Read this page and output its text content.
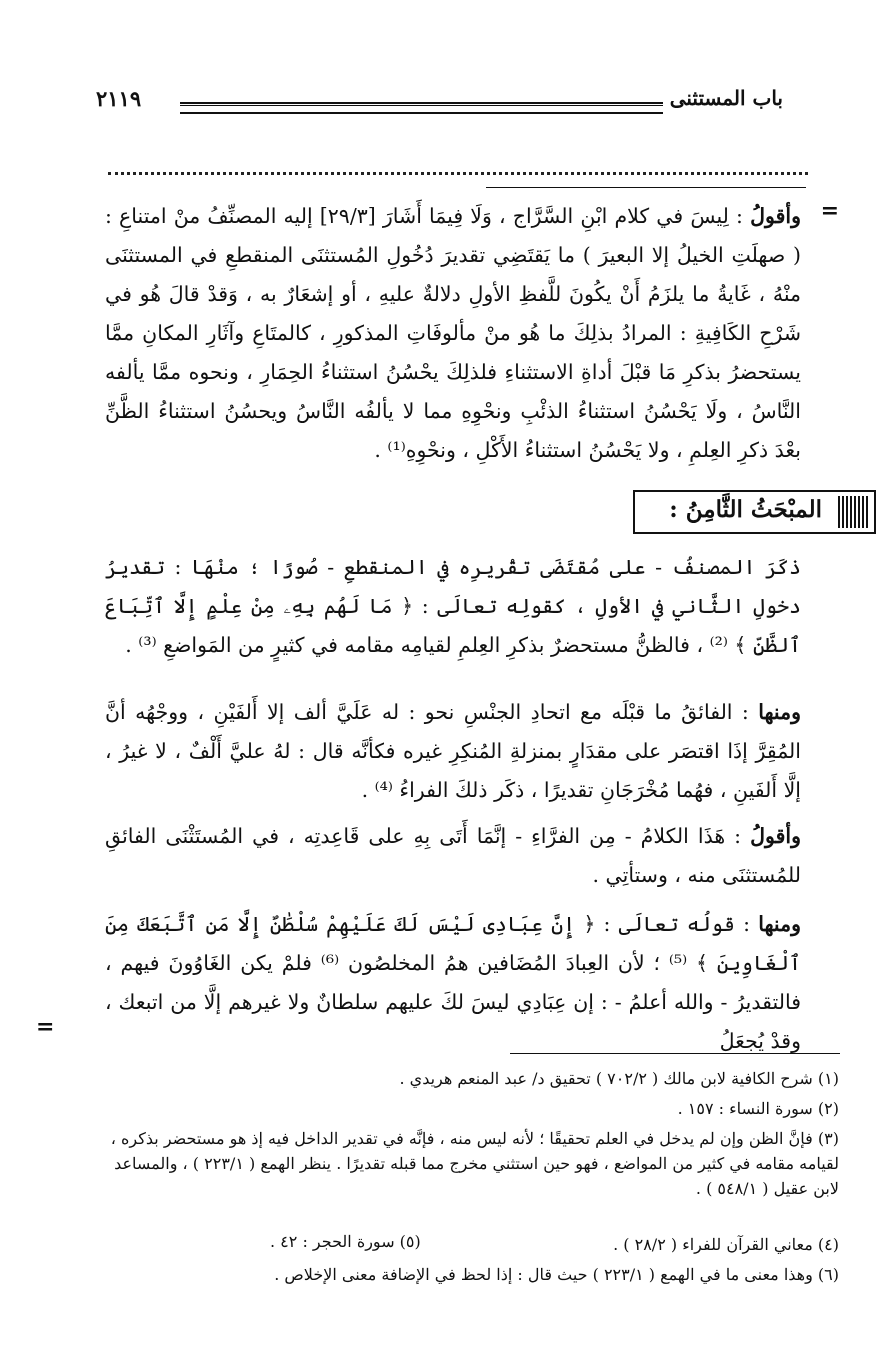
باب المستثنى
٢١١٩
=
وأقولُ : لِيسَ في كلام ابْنِ السَّرَّاج ، وَلَا فِيمَا أَشَارَ [٢٩/٣] إليه المصنِّفُ منْ امتناعِ : ( صهلَتِ الخيلُ إلا البعيرَ ) ما يَقتَضِي تقديرَ دُخُولِ المُستثنَى المنقطعِ في المستثنَى منْهُ ، غَايةُ ما يلزَمُ أَنْ يكُونَ للَّفظِ الأولِ دلالةٌ عليهِ ، أو إشعَارٌ به ، وَقدْ قالَ هُو في شَرْحِ الكَافِيةِ : المرادُ بذلِكَ ما هُو منْ مألوفَاتِ المذكورِ ، كالمتَاعِ وآثَارِ المكانِ ممَّا يستحضرُ بذكرِ مَا قبْلَ أداةِ الاستثناءِ فلذلِكَ يحْسُنُ استثناءُ الحِمَارِ ، ونحوه ممَّا يألفه النَّاسُ ، ولَا يَحْسُنُ استثناءُ الذئْبِ ونحْوِهِ مما لا يألفُه النَّاسُ ويحسُنُ استثناءُ الظَّنِّ بعْدَ ذكرِ العِلمِ ، ولا يَحْسُنُ استثناءُ الأَكْلِ ، ونحْوِهِ⁽¹⁾ .
المبْحَثُ الثَّامِنُ :
ذكَرَ المصنفُ - على مُقتَضَى تقْريرِه في المنقطعِ - صُورًا ؛ منْهَا : تقديرُ دخولِ الثَّاني في الأولِ ، كقولِه تعالَى : ﴿ مَا لَهُم بِهِۦ مِنْ عِلْمٍ إِلَّا ٱتِّبَاعَ ٱلظَّنِّ ﴾ ⁽²⁾ ، فالظنُّ مستحضرٌ بذكرِ العِلمِ لقيامِه مقامه في كثيرٍ من المَواضعِ ⁽³⁾ .
ومنها : الفائقُ ما قبْلَه مع اتحادِ الجنْسِ نحو : له عَلَيَّ ألف إلا أَلفَيْنِ ، ووجْهُه أنَّ المُقِرَّ إذَا اقتصَر على مقدَارٍ بمنزلةِ المُنكِرِ غيره فكأنَّه قال : لهُ عليَّ أَلْفٌ ، لا غيرُ ، إلَّا أَلفَينِ ، فهُما مُخْرَجَانِ تقديرًا ، ذكَر ذلكَ الفراءُ ⁽⁴⁾ .
وأقولُ : هَذَا الكلامُ - مِن الفرَّاءِ - إنَّمَا أَتَى بِهِ على قَاعِدتِه ، في المُستَثْنَى الفائقِ للمُستثنَى منه ، وستأتِي .
ومنها : قولُه تعالَى : ﴿ إِنَّ عِبَادِى لَيْسَ لَكَ عَلَيْهِمْ سُلْطَٰنٌ إِلَّا مَنِ ٱتَّبَعَكَ مِنَ ٱلْغَاوِينَ ﴾ ⁽⁵⁾ ؛ لأن العِبادَ المُضَافين همُ المخلصُون ⁽⁶⁾ فلمْ يكن الغَاوُونَ فيهم ، فالتقديرُ - والله أعلمُ - : إن عِبَادِي ليسَ لكَ عليهم سلطانٌ ولا غيرهم إلَّا من اتبعك ، وقدْ يُجعَلُ
=
(١) شرح الكافية لابن مالك ( ٧٠٢/٢ ) تحقيق د/ عبد المنعم هريدي .
(٢) سورة النساء : ١٥٧ .
(٣) فإنَّ الظن وإن لم يدخل في العلم تحقيقًا ؛ لأنه ليس منه ، فإنَّه في تقدير الداخل فيه إذ هو مستحضر بذكره ، لقيامه مقامه في كثير من المواضع ، فهو حين استثني مخرج مما قبله تقديرًا . ينظر الهمع ( ٢٢٣/١ ) ، والمساعد لابن عقيل ( ٥٤٨/١ ) .
(٤) معاني القرآن للفراء ( ٢٨/٢ ) .
(٥) سورة الحجر : ٤٢ .
(٦) وهذا معنى ما في الهمع ( ٢٢٣/١ ) حيث قال : إذا لحظ في الإضافة معنى الإخلاص .
